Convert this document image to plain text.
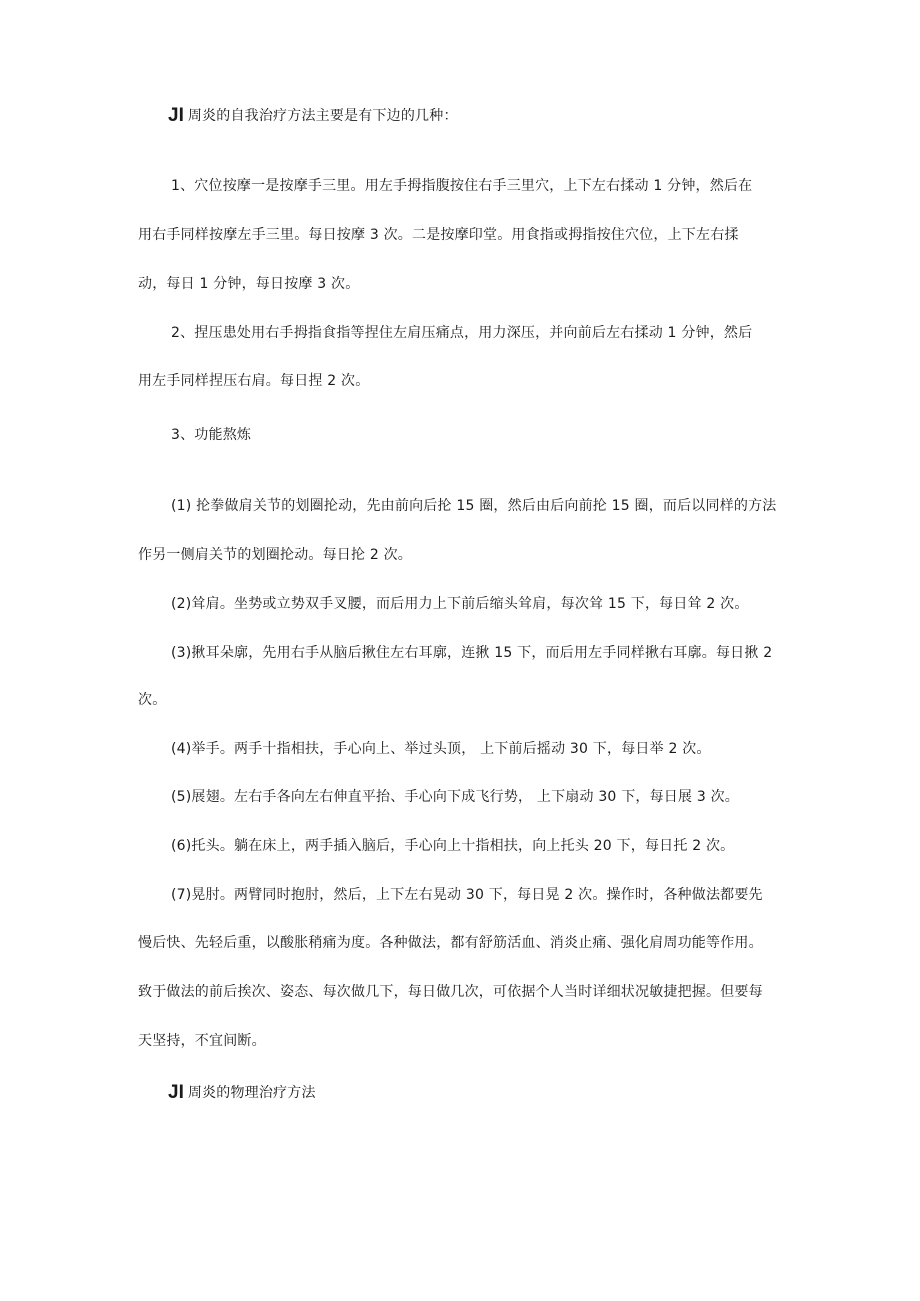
JI 周炎的自我治疗方法主要是有下边的几种：
1、穴位按摩一是按摩手三里。用左手拇指腹按住右手三里穴，上下左右揉动 1 分钟，然后在
用右手同样按摩左手三里。每日按摩 3 次。二是按摩印堂。用食指或拇指按住穴位，上下左右揉
动，每日 1 分钟，每日按摩 3 次。
2、捏压患处用右手拇指食指等捏住左肩压痛点，用力深压，并向前后左右揉动 1 分钟，然后
用左手同样捏压右肩。每日捏 2 次。
3、功能熬炼
(1) 抡拳做肩关节的划圈抡动，先由前向后抡 15 圈，然后由后向前抡 15 圈，而后以同样的方法
作另一侧肩关节的划圈抡动。每日抡 2 次。
(2)耸肩。坐势或立势双手叉腰，而后用力上下前后缩头耸肩，每次耸 15 下，每日耸 2 次。
(3)揪耳朵廓，先用右手从脑后揪住左右耳廓，连揪 15 下，而后用左手同样揪右耳廓。每日揪 2
次。
(4)举手。两手十指相扶，手心向上、举过头顶， 上下前后摇动 30 下，每日举 2 次。
(5)展翅。左右手各向左右伸直平抬、手心向下成飞行势， 上下扇动 30 下，每日展 3 次。
(6)托头。躺在床上，两手插入脑后，手心向上十指相扶，向上托头 20 下，每日托 2 次。
(7)晃肘。两臂同时抱肘，然后，上下左右晃动 30 下，每日晃 2 次。操作时，各种做法都要先
慢后快、先轻后重，以酸胀稍痛为度。各种做法，都有舒筋活血、消炎止痛、强化肩周功能等作用。
致于做法的前后挨次、姿态、每次做几下，每日做几次，可依据个人当时详细状况敏捷把握。但要每
天坚持，不宜间断。
JI 周炎的物理治疗方法
